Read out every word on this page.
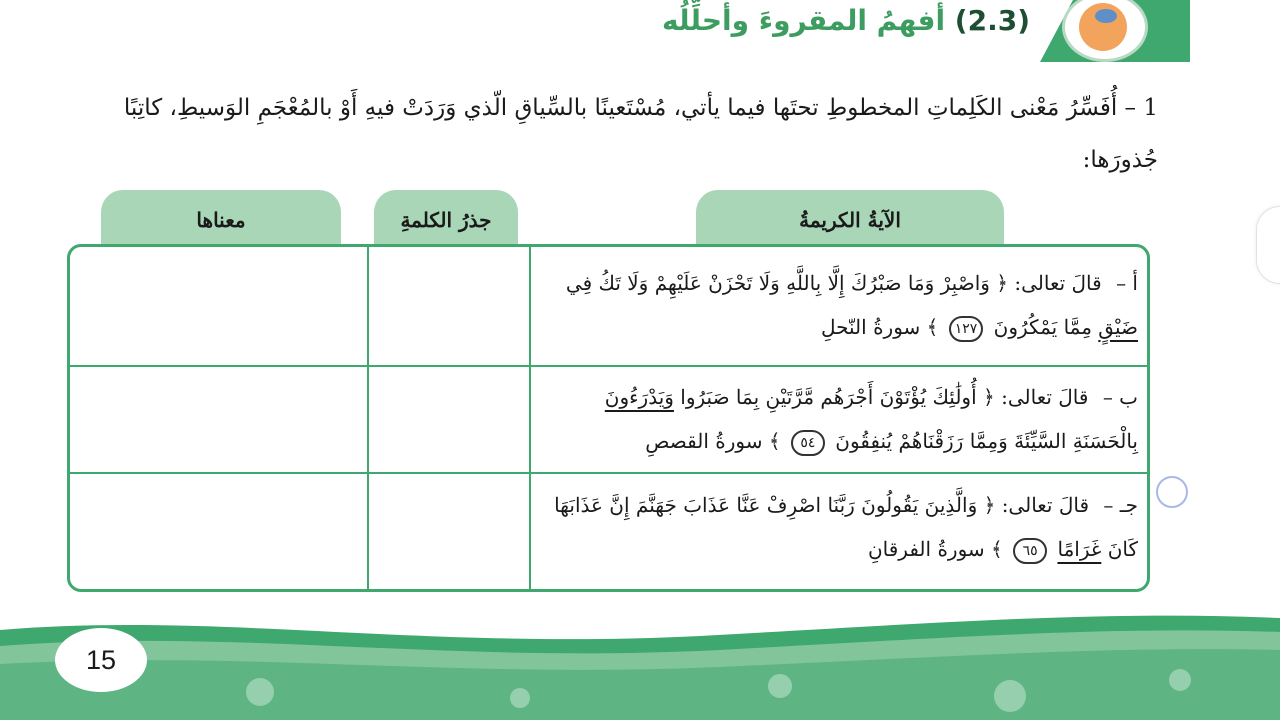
(2.3) أفهمُ المقروءَ وأحلِّلُه
1 – أُفَسِّرُ مَعْنى الكَلِماتِ المخطوطِ تحتَها فيما يأتي، مُسْتَعينًا بالسِّياقِ الّذي وَرَدَتْ فيهِ أَوْ بالمُعْجَمِ الوَسيطِ، كاتِبًا جُذورَها:
الآيةُ الكريمةُ
جذرُ الكلمةِ
معناها
أ – قالَ تعالى: ﴿ وَاصْبِرْ وَمَا صَبْرُكَ إِلَّا بِاللَّهِ وَلَا تَحْزَنْ عَلَيْهِمْ وَلَا تَكُ فِي ضَيْقٍ مِمَّا يَمْكُرُونَ ١٢٧ ﴾ سورةُ النّحلِ
ب – قالَ تعالى: ﴿ أُولَٰئِكَ يُؤْتَوْنَ أَجْرَهُم مَّرَّتَيْنِ بِمَا صَبَرُوا وَيَدْرَءُونَ بِالْحَسَنَةِ السَّيِّئَةَ وَمِمَّا رَزَقْنَاهُمْ يُنفِقُونَ ٥٤ ﴾ سورةُ القصصِ
جـ – قالَ تعالى: ﴿ وَالَّذِينَ يَقُولُونَ رَبَّنَا اصْرِفْ عَنَّا عَذَابَ جَهَنَّمَ إِنَّ عَذَابَهَا كَانَ غَرَامًا ٦٥ ﴾ سورةُ الفرقانِ
15
